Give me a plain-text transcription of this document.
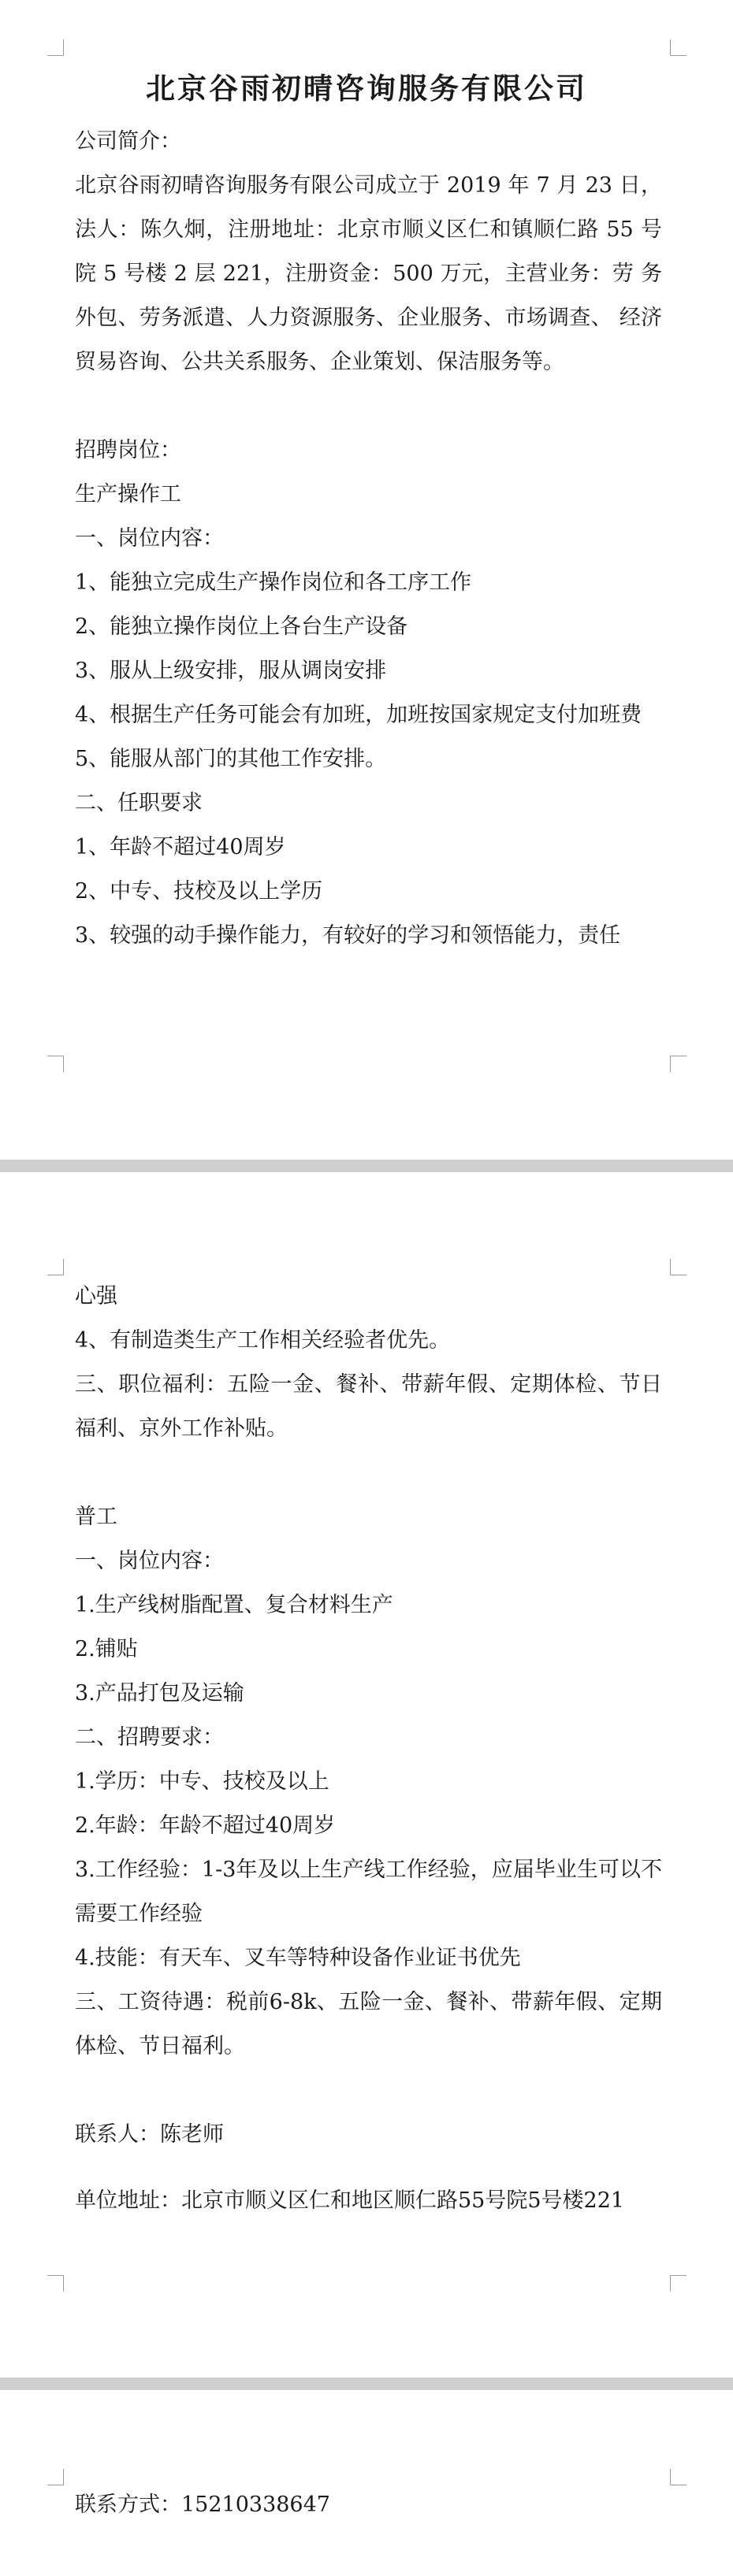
北京谷雨初晴咨询服务有限公司

公司简介：

北京谷雨初晴咨询服务有限公司成立于 2019 年 7 月 23 日， 法人：陈久炯，注册地址：北京市顺义区仁和镇顺仁路 55 号院 5 号楼 2 层 221，注册资金：500 万元，主营业务：劳 务外包、劳务派遣、人力资源服务、企业服务、市场调查、 经济贸易咨询、公共关系服务、企业策划、保洁服务等。

招聘岗位：

生产操作工

一、岗位内容：

1、能独立完成生产操作岗位和各工序工作

2、能独立操作岗位上各台生产设备

3、服从上级安排，服从调岗安排

4、根据生产任务可能会有加班，加班按国家规定支付加班费

5、能服从部门的其他工作安排。

二、任职要求

1、年龄不超过40周岁

2、中专、技校及以上学历

3、较强的动手操作能力，有较好的学习和领悟能力，责任

心强

4、有制造类生产工作相关经验者优先。

三、职位福利：五险一金、餐补、带薪年假、定期体检、节日福利、京外工作补贴。

普工

一、岗位内容：

1.生产线树脂配置、复合材料生产

2.铺贴

3.产品打包及运输

二、招聘要求：

1.学历：中专、技校及以上

2.年龄：年龄不超过40周岁

3.工作经验：1-3年及以上生产线工作经验，应届毕业生可以不需要工作经验

4.技能：有天车、叉车等特种设备作业证书优先

三、工资待遇：税前6-8k、五险一金、餐补、带薪年假、定期体检、节日福利。

联系人：陈老师

单位地址：北京市顺义区仁和地区顺仁路55号院5号楼221

联系方式：15210338647
